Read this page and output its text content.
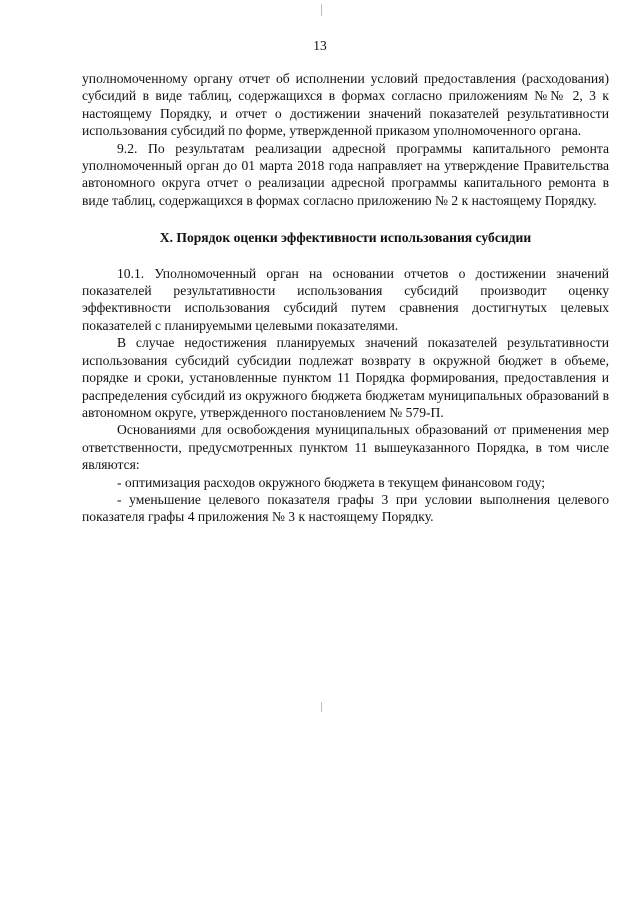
13

уполномоченному органу отчет об исполнении условий предоставления (расходования) субсидий в виде таблиц, содержащихся в формах согласно приложениям №№ 2, 3 к настоящему Порядку, и отчет о достижении значений показателей результативности использования субсидий по форме, утвержденной приказом уполномоченного органа.

9.2. По результатам реализации адресной программы капитального ремонта уполномоченный орган до 01 марта 2018 года направляет на утверждение Правительства автономного округа отчет о реализации адресной программы капитального ремонта в виде таблиц, содержащихся в формах согласно приложению № 2 к настоящему Порядку.

X. Порядок оценки эффективности использования субсидии

10.1. Уполномоченный орган на основании отчетов о достижении значений показателей результативности использования субсидий производит оценку эффективности использования субсидий путем сравнения достигнутых целевых показателей с планируемыми целевыми показателями.

В случае недостижения планируемых значений показателей результативности использования субсидий субсидии подлежат возврату в окружной бюджет в объеме, порядке и сроки, установленные пунктом 11 Порядка формирования, предоставления и распределения субсидий из окружного бюджета бюджетам муниципальных образований в автономном округе, утвержденного постановлением № 579-П.

Основаниями для освобождения муниципальных образований от применения мер ответственности, предусмотренных пунктом 11 вышеуказанного Порядка, в том числе являются:

- оптимизация расходов окружного бюджета в текущем финансовом году;

- уменьшение целевого показателя графы 3 при условии выполнения целевого показателя графы 4 приложения № 3 к настоящему Порядку.
